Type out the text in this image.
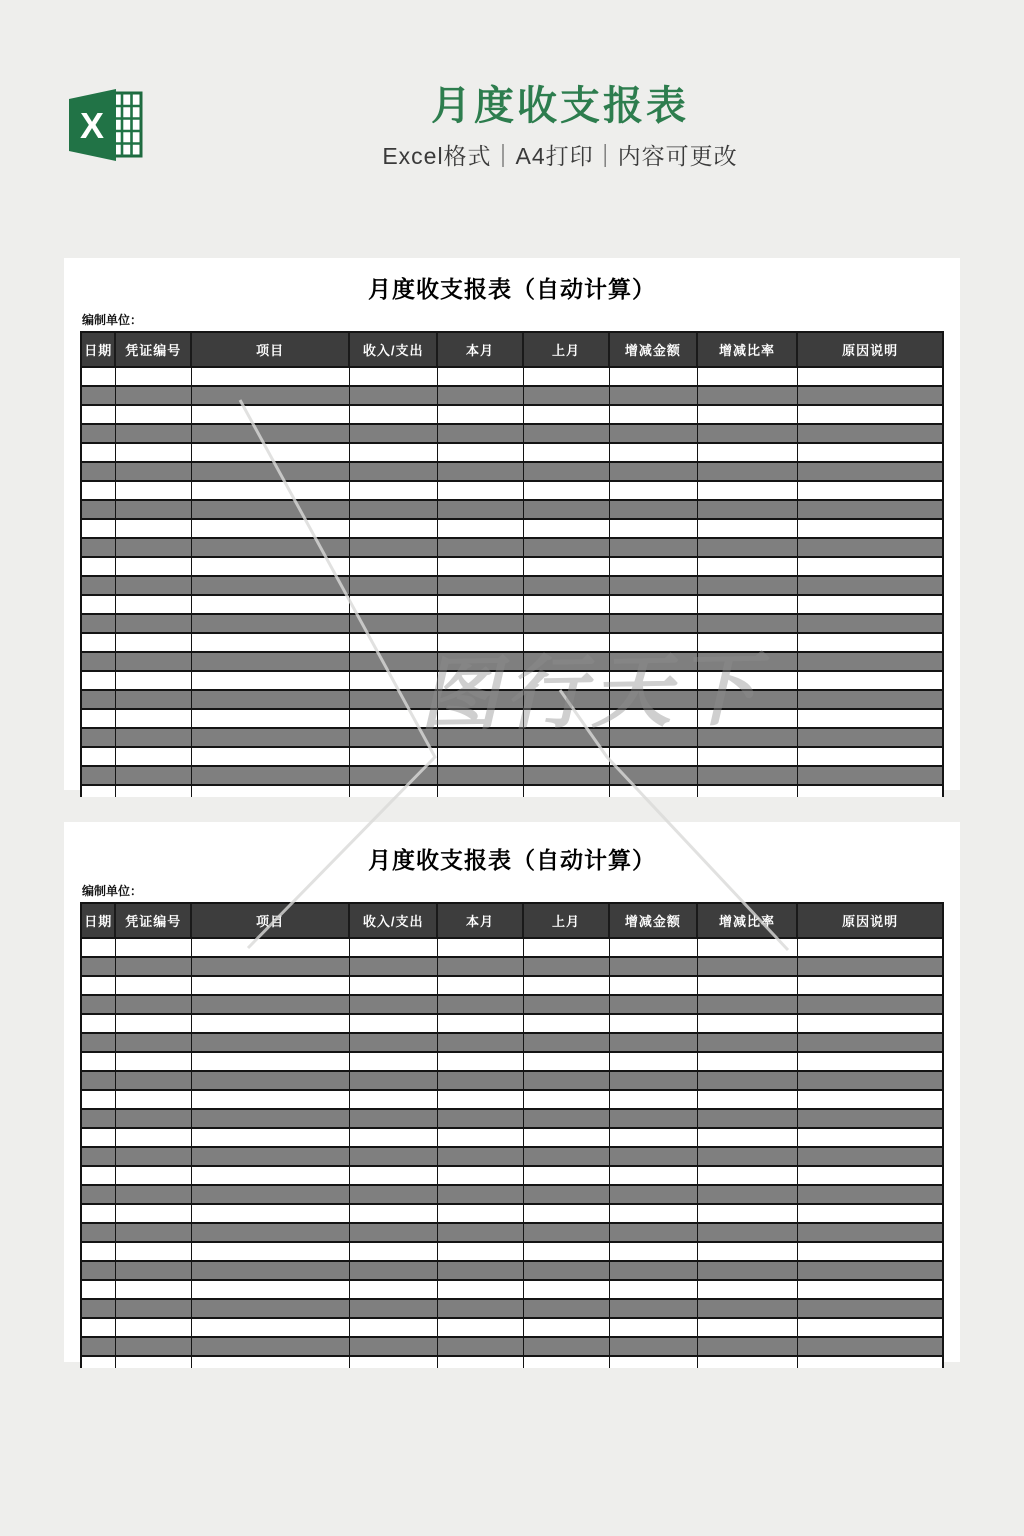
X	月度收支报表

Excel格式｜A4打印｜内容可更改

月度收支报表（自动计算）
编制单位：
日期	凭证编号	项目	收入/支出	本月	上月	增减金额	增减比率	原因说明
月度收支报表（自动计算）
编制单位：
日期	凭证编号	项目	收入/支出	本月	上月	增减金额	增减比率	原因说明
图行天下
